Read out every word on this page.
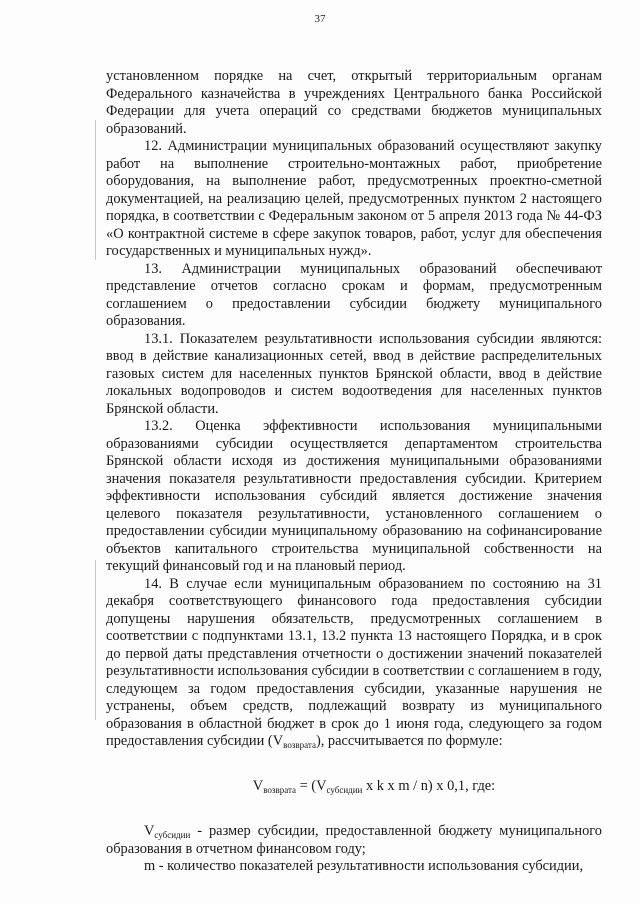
37

установленном порядке на счет, открытый территориальным органам Федерального казначейства в учреждениях Центрального банка Российской Федерации для учета операций со средствами бюджетов муниципальных образований.

12. Администрации муниципальных образований осуществляют закупку работ на выполнение строительно-монтажных работ, приобретение оборудования, на выполнение работ, предусмотренных проектно-сметной документацией, на реализацию целей, предусмотренных пунктом 2 настоящего порядка, в соответствии с Федеральным законом от 5 апреля 2013 года № 44-ФЗ «О контрактной системе в сфере закупок товаров, работ, услуг для обеспечения государственных и муниципальных нужд».

13. Администрации муниципальных образований обеспечивают представление отчетов согласно срокам и формам, предусмотренным соглашением о предоставлении субсидии бюджету муниципального образования.

13.1. Показателем результативности использования субсидии являются: ввод в действие канализационных сетей, ввод в действие распределительных газовых систем для населенных пунктов Брянской области, ввод в действие локальных водопроводов и систем водоотведения для населенных пунктов Брянской области.

13.2. Оценка эффективности использования муниципальными образованиями субсидии осуществляется департаментом строительства Брянской области исходя из достижения муниципальными образованиями значения показателя результативности предоставления субсидии. Критерием эффективности использования субсидий является достижение значения целевого показателя результативности, установленного соглашением о предоставлении субсидии муниципальному образованию на софинансирование объектов капитального строительства муниципальной собственности на текущий финансовый год и на плановый период.

14. В случае если муниципальным образованием по состоянию на 31 декабря соответствующего финансового года предоставления субсидии допущены нарушения обязательств, предусмотренных соглашением в соответствии с подпунктами 13.1, 13.2 пункта 13 настоящего Порядка, и в срок до первой даты представления отчетности о достижении значений показателей результативности использования субсидии в соответствии с соглашением в году, следующем за годом предоставления субсидии, указанные нарушения не устранены, объем средств, подлежащий возврату из муниципального образования в областной бюджет в срок до 1 июня года, следующего за годом предоставления субсидии $(V_{возврата})$, рассчитывается по формуле:

$V_{возврата} = (V_{субсидии}$ x k x m / n) x 0,1, где:

$V_{субсидии}$ - размер субсидии, предоставленной бюджету муниципального образования в отчетном финансовом году;

m - количество показателей результативности использования субсидии,
